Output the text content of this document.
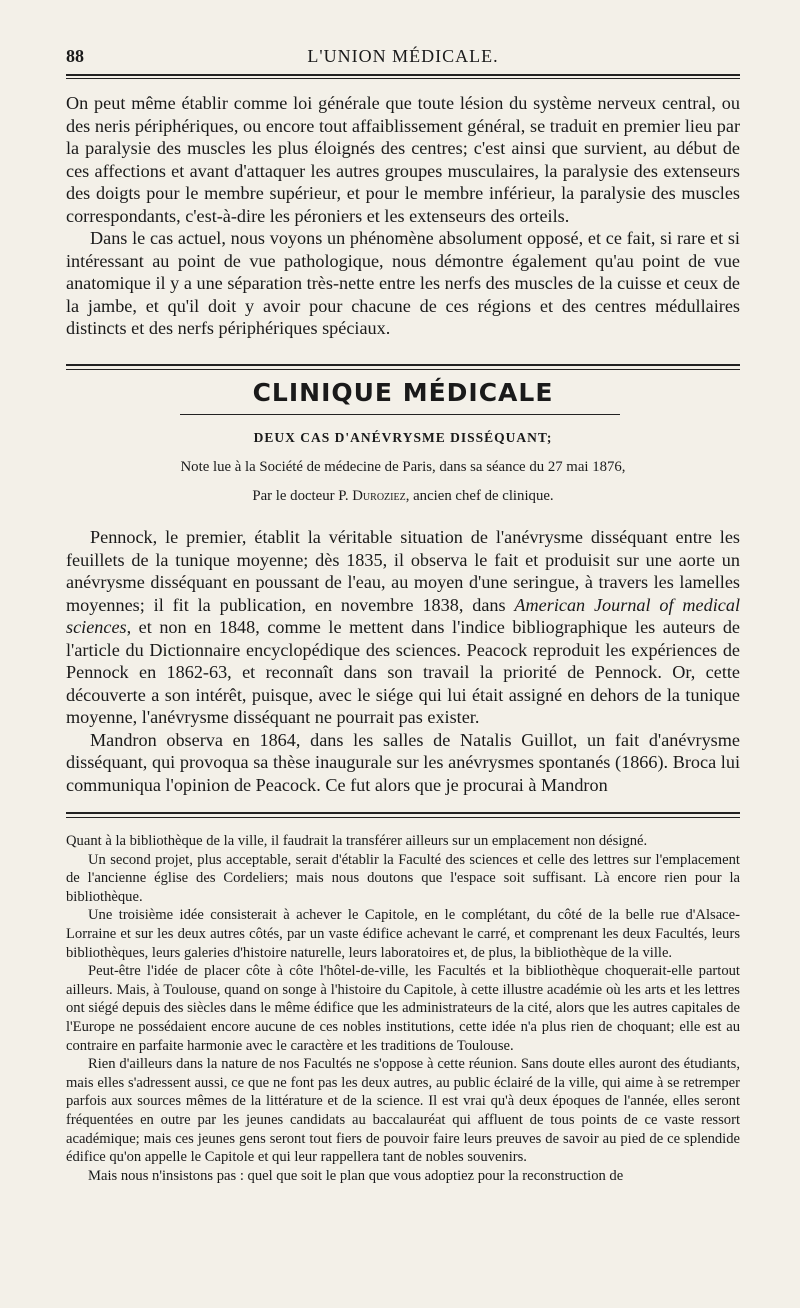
88	L'UNION MÉDICALE.

On peut même établir comme loi générale que toute lésion du système nerveux central, ou des neris périphériques, ou encore tout affaiblissement général, se traduit en premier lieu par la paralysie des muscles les plus éloignés des centres; c'est ainsi que survient, au début de ces affections et avant d'attaquer les autres groupes musculaires, la paralysie des extenseurs des doigts pour le membre supérieur, et pour le membre inférieur, la paralysie des muscles correspondants, c'est-à-dire les péroniers et les extenseurs des orteils.

Dans le cas actuel, nous voyons un phénomène absolument opposé, et ce fait, si rare et si intéressant au point de vue pathologique, nous démontre également qu'au point de vue anatomique il y a une séparation très-nette entre les nerfs des muscles de la cuisse et ceux de la jambe, et qu'il doit y avoir pour chacune de ces régions et des centres médullaires distincts et des nerfs périphériques spéciaux.

CLINIQUE MÉDICALE
DEUX CAS D'ANÉVRYSME DISSÉQUANT;
Note lue à la Société de médecine de Paris, dans sa séance du 27 mai 1876,
Par le docteur P. Duroziez, ancien chef de clinique.

Pennock, le premier, établit la véritable situation de l'anévrysme disséquant entre les feuillets de la tunique moyenne; dès 1835, il observa le fait et produisit sur une aorte un anévrysme disséquant en poussant de l'eau, au moyen d'une seringue, à travers les lamelles moyennes; il fit la publication, en novembre 1838, dans American Journal of medical sciences, et non en 1848, comme le mettent dans l'indice bibliographique les auteurs de l'article du Dictionnaire encyclopédique des sciences. Peacock reproduit les expériences de Pennock en 1862-63, et reconnaît dans son travail la priorité de Pennock. Or, cette découverte a son intérêt, puisque, avec le siége qui lui était assigné en dehors de la tunique moyenne, l'anévrysme disséquant ne pourrait pas exister.

Mandron observa en 1864, dans les salles de Natalis Guillot, un fait d'anévrysme disséquant, qui provoqua sa thèse inaugurale sur les anévrysmes spontanés (1866). Broca lui communiqua l'opinion de Peacock. Ce fut alors que je procurai à Mandron

Quant à la bibliothèque de la ville, il faudrait la transférer ailleurs sur un emplacement non désigné.

Un second projet, plus acceptable, serait d'établir la Faculté des sciences et celle des lettres sur l'emplacement de l'ancienne église des Cordeliers; mais nous doutons que l'espace soit suffisant. Là encore rien pour la bibliothèque.

Une troisième idée consisterait à achever le Capitole, en le complétant, du côté de la belle rue d'Alsace-Lorraine et sur les deux autres côtés, par un vaste édifice achevant le carré, et comprenant les deux Facultés, leurs bibliothèques, leurs galeries d'histoire naturelle, leurs laboratoires et, de plus, la bibliothèque de la ville.

Peut-être l'idée de placer côte à côte l'hôtel-de-ville, les Facultés et la bibliothèque choquerait-elle partout ailleurs. Mais, à Toulouse, quand on songe à l'histoire du Capitole, à cette illustre académie où les arts et les lettres ont siégé depuis des siècles dans le même édifice que les administrateurs de la cité, alors que les autres capitales de l'Europe ne possédaient encore aucune de ces nobles institutions, cette idée n'a plus rien de choquant; elle est au contraire en parfaite harmonie avec le caractère et les traditions de Toulouse.

Rien d'ailleurs dans la nature de nos Facultés ne s'oppose à cette réunion. Sans doute elles auront des étudiants, mais elles s'adressent aussi, ce que ne font pas les deux autres, au public éclairé de la ville, qui aime à se retremper parfois aux sources mêmes de la littérature et de la science. Il est vrai qu'à deux époques de l'année, elles seront fréquentées en outre par les jeunes candidats au baccalauréat qui affluent de tous points de ce vaste ressort académique; mais ces jeunes gens seront tout fiers de pouvoir faire leurs preuves de savoir au pied de ce splendide édifice qu'on appelle le Capitole et qui leur rappellera tant de nobles souvenirs.

Mais nous n'insistons pas : quel que soit le plan que vous adoptiez pour la reconstruction de
